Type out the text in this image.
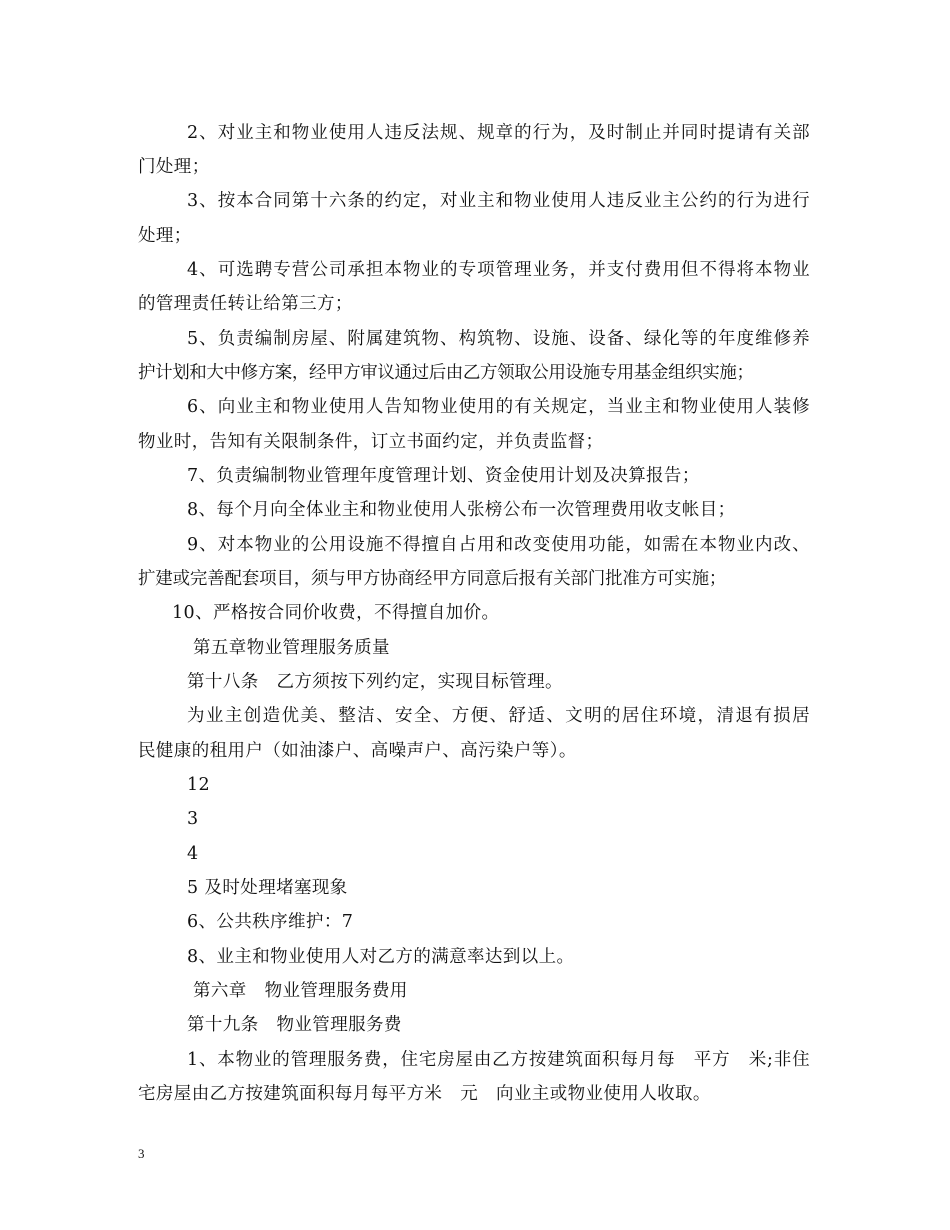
2、对业主和物业使用人违反法规、规章的行为，及时制止并同时提请有关部
门处理；
3、按本合同第十六条的约定，对业主和物业使用人违反业主公约的行为进行
处理；
4、可选聘专营公司承担本物业的专项管理业务，并支付费用但不得将本物业
的管理责任转让给第三方；
5、负责编制房屋、附属建筑物、构筑物、设施、设备、绿化等的年度维修养
护计划和大中修方案，经甲方审议通过后由乙方领取公用设施专用基金组织实施；
6、向业主和物业使用人告知物业使用的有关规定，当业主和物业使用人装修
物业时，告知有关限制条件，订立书面约定，并负责监督；
7、负责编制物业管理年度管理计划、资金使用计划及决算报告；
8、每个月向全体业主和物业使用人张榜公布一次管理费用收支帐目；
9、对本物业的公用设施不得擅自占用和改变使用功能，如需在本物业内改、
扩建或完善配套项目，须与甲方协商经甲方同意后报有关部门批准方可实施；
10、严格按合同价收费，不得擅自加价。
第五章物业管理服务质量
第十八条　乙方须按下列约定，实现目标管理。
为业主创造优美、整洁、安全、方便、舒适、文明的居住环境，清退有损居
民健康的租用户（如油漆户、高噪声户、高污染户等）。
12
3
4
5 及时处理堵塞现象
6、公共秩序维护：7
8、业主和物业使用人对乙方的满意率达到以上。
第六章　物业管理服务费用
第十九条　物业管理服务费
1、本物业的管理服务费，住宅房屋由乙方按建筑面积每月每　平方　米;非住
宅房屋由乙方按建筑面积每月每平方米　元　向业主或物业使用人收取。
3
